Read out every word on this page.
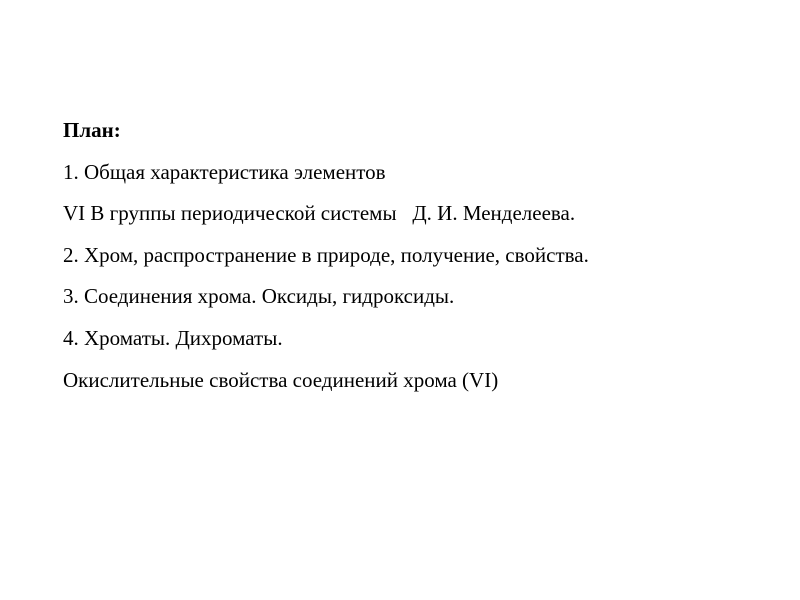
План:
1. Общая характеристика элементов
VI В группы периодической системы   Д. И. Менделеева.
2. Хром, распространение в природе, получение, свойства.
3. Соединения хрома. Оксиды, гидроксиды.
4. Хроматы. Дихроматы.
Окислительные свойства соединений хрома (VI)
